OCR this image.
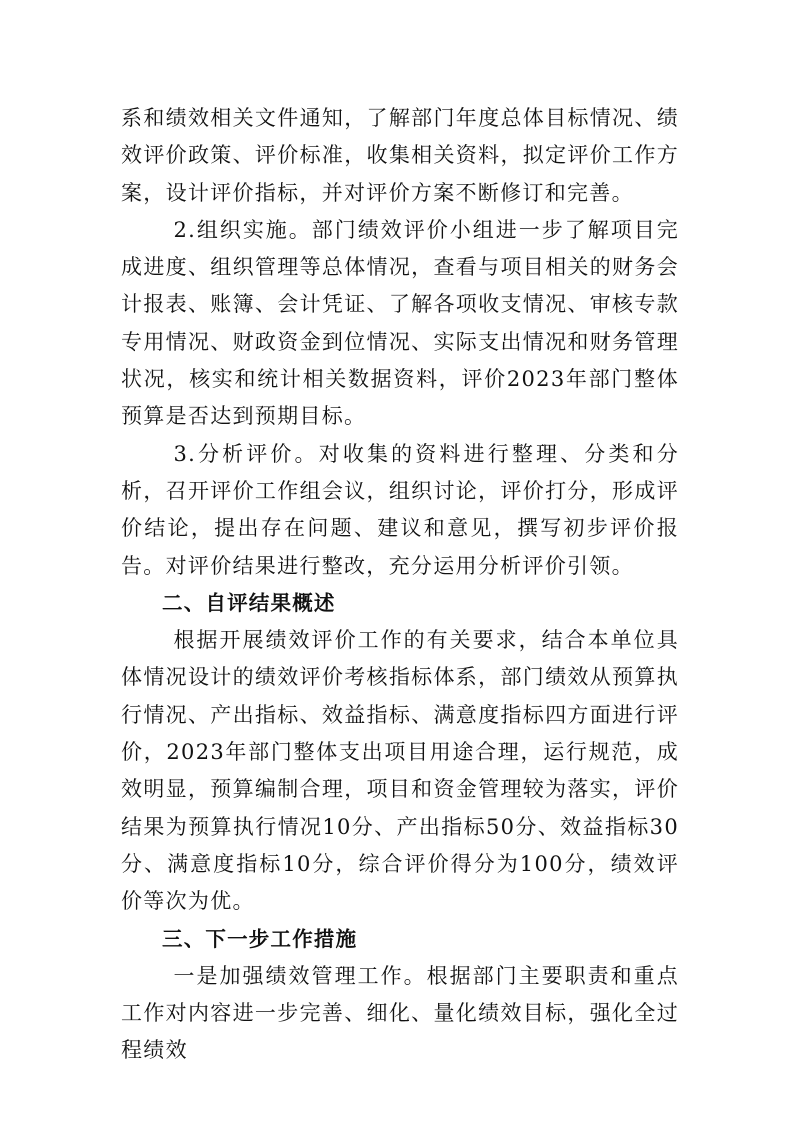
系和绩效相关文件通知，了解部门年度总体目标情况、绩效评价政策、评价标准，收集相关资料，拟定评价工作方案，设计评价指标，并对评价方案不断修订和完善。

2.组织实施。部门绩效评价小组进一步了解项目完成进度、组织管理等总体情况，查看与项目相关的财务会计报表、账簿、会计凭证、了解各项收支情况、审核专款专用情况、财政资金到位情况、实际支出情况和财务管理状况，核实和统计相关数据资料，评价2023年部门整体预算是否达到预期目标。

3.分析评价。对收集的资料进行整理、分类和分析，召开评价工作组会议，组织讨论，评价打分，形成评价结论，提出存在问题、建议和意见，撰写初步评价报告。对评价结果进行整改，充分运用分析评价引领。

二、自评结果概述

根据开展绩效评价工作的有关要求，结合本单位具体情况设计的绩效评价考核指标体系，部门绩效从预算执行情况、产出指标、效益指标、满意度指标四方面进行评价，2023年部门整体支出项目用途合理，运行规范，成效明显，预算编制合理，项目和资金管理较为落实，评价结果为预算执行情况10分、产出指标50分、效益指标30分、满意度指标10分，综合评价得分为100分，绩效评价等次为优。

三、下一步工作措施

一是加强绩效管理工作。根据部门主要职责和重点工作对内容进一步完善、细化、量化绩效目标，强化全过程绩效
